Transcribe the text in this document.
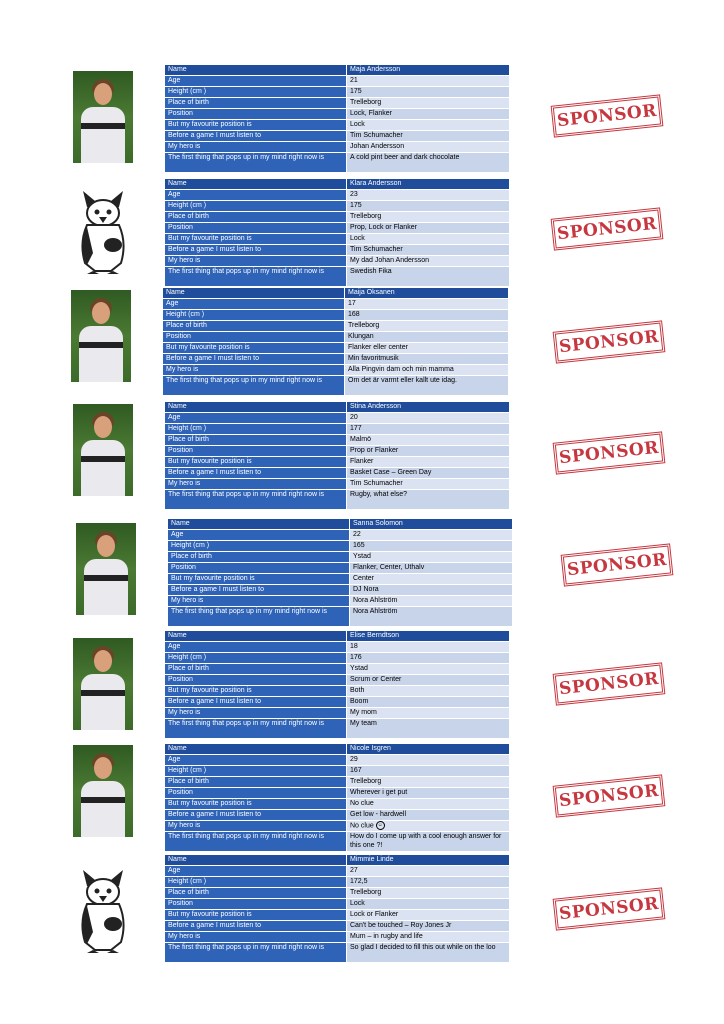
Name	Maja Andersson
Age	21
Height (cm )	175
Place of birth	Trelleborg
Position	Lock, Flanker
But my favourite position is	Lock
Before a game I must listen to	Tim Schumacher
My hero is	Johan Andersson
The first thing that pops up in my mind right now is	A cold pint beer and dark chocolate
SPONSOR
Name	Klara Andersson
Age	23
Height (cm )	175
Place of birth	Trelleborg
Position	Prop, Lock or Flanker
But my favourite position is	Lock
Before a game I must listen to	Tim Schumacher
My hero is	My dad Johan Andersson
The first thing that pops up in my mind right now is	Swedish Fika
SPONSOR
Name	Maija Oksanen
Age	17
Height (cm )	168
Place of birth	Trelleborg
Position	Klungan
But my favourite position is	Flanker eller center
Before a game I must listen to	Min favoritmusik
My hero is	Alla Pingvin dam och min mamma
The first thing that pops up in my mind right now is	Om det är varmt eller kallt ute idag.
SPONSOR
Name	Stina Andersson
Age	20
Height (cm )	177
Place of birth	Malmö
Position	Prop or Flanker
But my favourite position is	Flanker
Before a game I must listen to	Basket Case – Green Day
My hero is	Tim Schumacher
The first thing that pops up in my mind right now is	Rugby, what else?
SPONSOR
Name	Sanna Solomon
Age	22
Height (cm )	165
Place of birth	Ystad
Position	Flanker, Center, Uthalv
But my favourite position is	Center
Before a game I must listen to	DJ Nora
My hero is	Nora Ahlström
The first thing that pops up in my mind right now is	Nora Ahlström
SPONSOR
Name	Elise Berndtson
Age	18
Height (cm )	176
Place of birth	Ystad
Position	Scrum or Center
But my favourite position is	Both
Before a game I must listen to	Boom
My hero is	My mom
The first thing that pops up in my mind right now is	My team
SPONSOR
Name	Nicole Isgren
Age	29
Height (cm )	167
Place of birth	Trelleborg
Position	Wherever i get put
But my favourite position is	No clue
Before a game I must listen to	Get low - hardwell
My hero is	No clue ☺
The first thing that pops up in my mind right now is	How do I come up with a cool enough answer for this one ?!
SPONSOR
Name	Mimmie Linde
Age	27
Height (cm )	172,5
Place of birth	Trelleborg
Position	Lock
But my favourite position is	Lock or Flanker
Before a game I must listen to	Can't be touched – Roy Jones Jr
My hero is	Mum – in rugby and life
The first thing that pops up in my mind right now is	So glad I decided to fill this out while on the loo
SPONSOR
